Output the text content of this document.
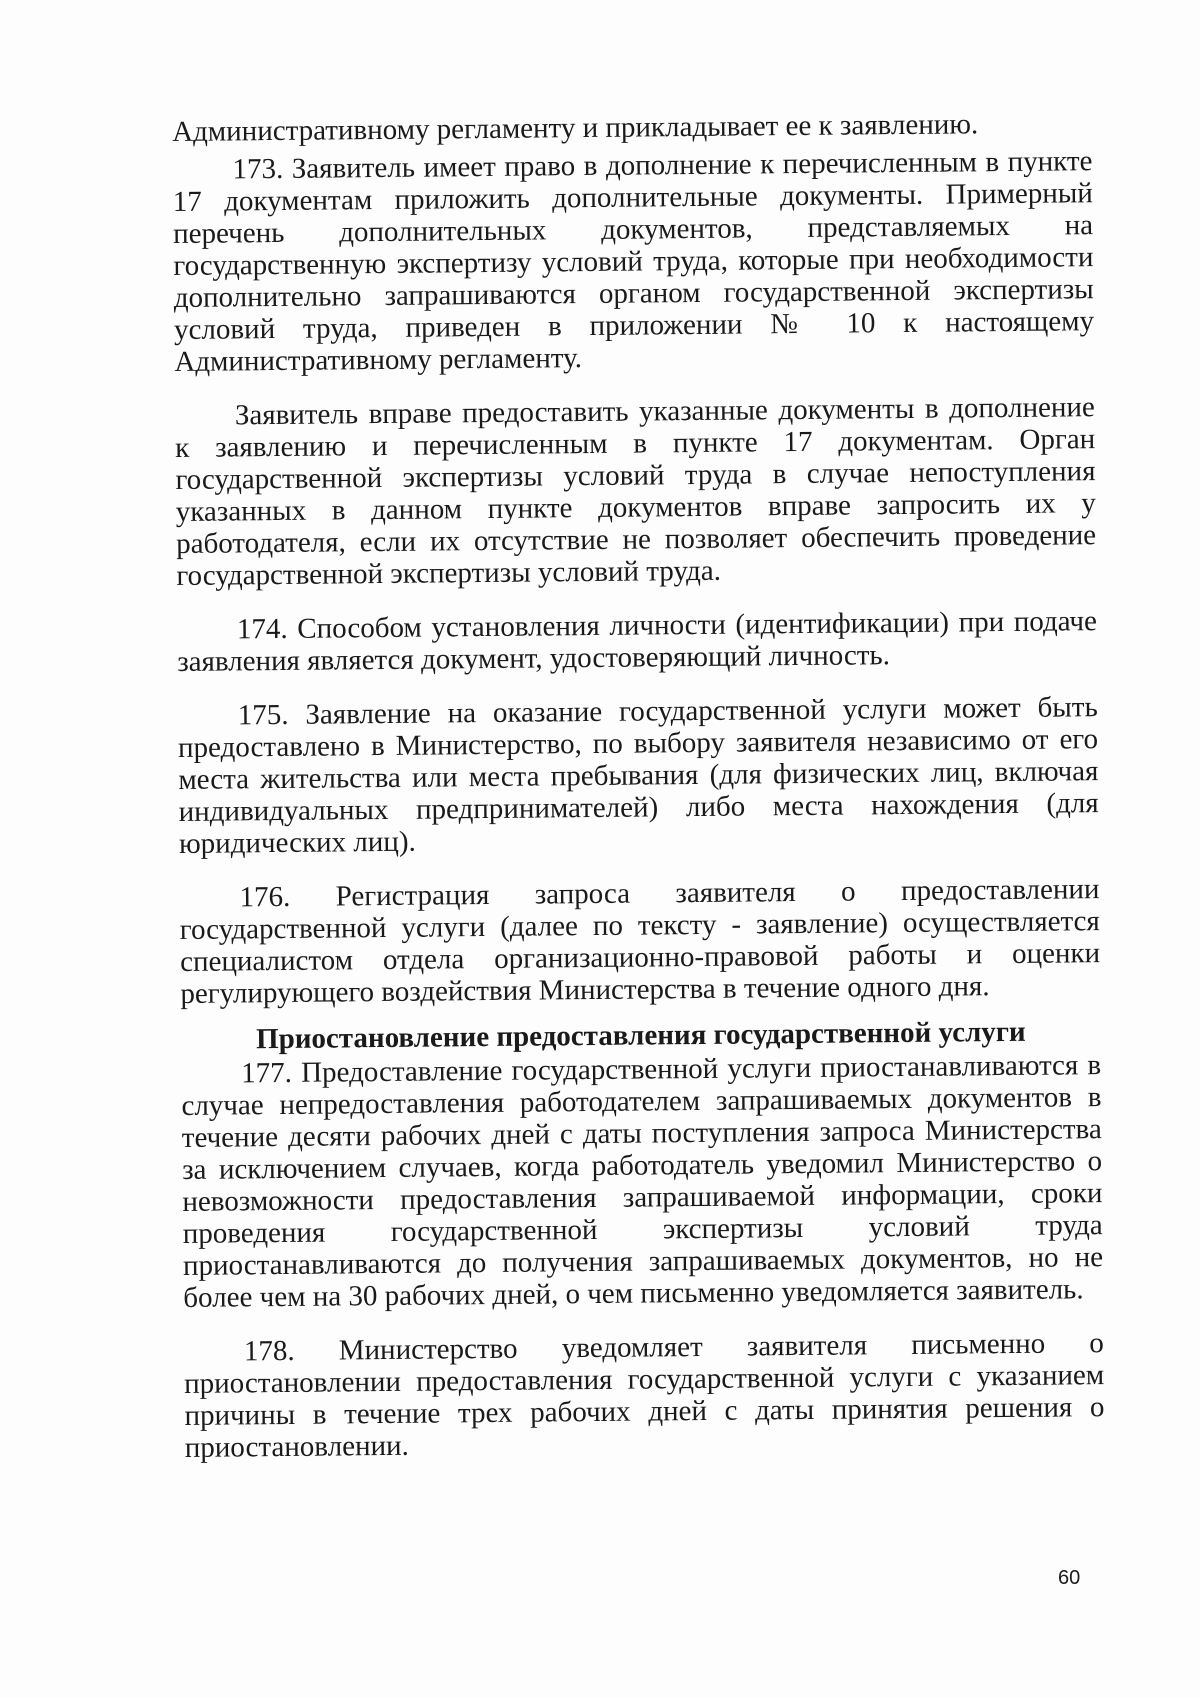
Административному регламенту и прикладывает ее к заявлению.

173. Заявитель имеет право в дополнение к перечисленным в пункте 17 документам приложить дополнительные документы. Примерный перечень дополнительных документов, представляемых на государственную экспертизу условий труда, которые при необходимости дополнительно запрашиваются органом государственной экспертизы условий труда, приведен в приложении № 10 к настоящему Административному регламенту.

Заявитель вправе предоставить указанные документы в дополнение к заявлению и перечисленным в пункте 17 документам. Орган государственной экспертизы условий труда в случае непоступления указанных в данном пункте документов вправе запросить их у работодателя, если их отсутствие не позволяет обеспечить проведение государственной экспертизы условий труда.

174. Способом установления личности (идентификации) при подаче заявления является документ, удостоверяющий личность.

175. Заявление на оказание государственной услуги может быть предоставлено в Министерство, по выбору заявителя независимо от его места жительства или места пребывания (для физических лиц, включая индивидуальных предпринимателей) либо места нахождения (для юридических лиц).

176. Регистрация запроса заявителя о предоставлении государственной услуги (далее по тексту - заявление) осуществляется специалистом отдела организационно-правовой работы и оценки регулирующего воздействия Министерства в течение одного дня.

Приостановление предоставления государственной услуги

177. Предоставление государственной услуги приостанавливаются в случае непредоставления работодателем запрашиваемых документов в течение десяти рабочих дней с даты поступления запроса Министерства за исключением случаев, когда работодатель уведомил Министерство о невозможности предоставления запрашиваемой информации, сроки проведения государственной экспертизы условий труда приостанавливаются до получения запрашиваемых документов, но не более чем на 30 рабочих дней, о чем письменно уведомляется заявитель.

178. Министерство уведомляет заявителя письменно о приостановлении предоставления государственной услуги с указанием причины в течение трех рабочих дней с даты принятия решения о приостановлении.

60
